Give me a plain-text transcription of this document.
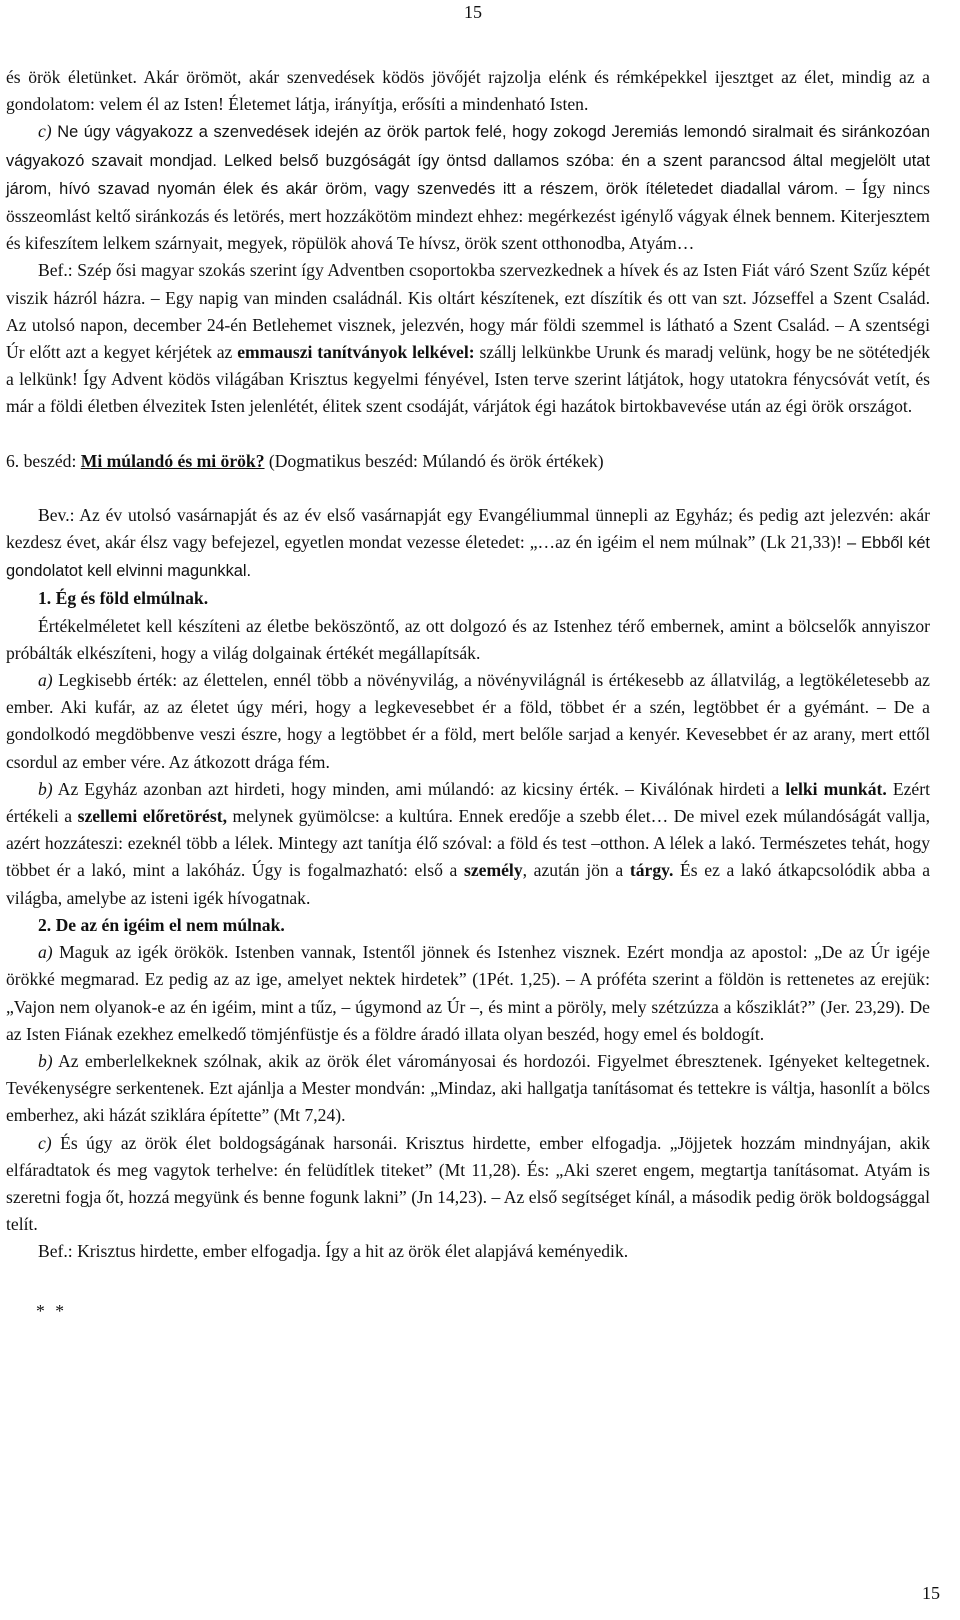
15

és örök életünket. Akár örömöt, akár szenvedések ködös jövőjét rajzolja elénk és rémképekkel ijesztget az élet, mindig az a gondolatom: velem él az Isten! Életemet látja, irányítja, erősíti a mindenható Isten.

c) Ne úgy vágyakozz a szenvedések idején az örök partok felé, hogy zokogd Jeremiás lemondó siralmait és siránkozóan vágyakozó szavait mondjad. Lelked belső buzgóságát így öntsd dallamos szóba: én a szent parancsod által megjelölt utat járom, hívó szavad nyomán élek és akár öröm, vagy szenvedés itt a részem, örök ítéletedet diadallal várom. – Így nincs összeomlást keltő siránkozás és letörés, mert hozzákötöm mindezt ehhez: megérkezést igénylő vágyak élnek bennem. Kiterjesztem és kifeszítem lelkem szárnyait, megyek, röpülök ahová Te hívsz, örök szent otthonodba, Atyám…

Bef.: Szép ősi magyar szokás szerint így Adventben csoportokba szervezkednek a hívek és az Isten Fiát váró Szent Szűz képét viszik házról házra. – Egy napig van minden családnál. Kis oltárt készítenek, ezt díszítik és ott van szt. Józseffel a Szent Család. Az utolsó napon, december 24-én Betlehemet visznek, jelezvén, hogy már földi szemmel is látható a Szent Család. – A szentségi Úr előtt azt a kegyet kérjétek az emmauszi tanítványok lelkével: szállj lelkünkbe Urunk és maradj velünk, hogy be ne sötétedjék a lelkünk! Így Advent ködös világában Krisztus kegyelmi fényével, Isten terve szerint látjátok, hogy utatokra fénycsóvát vetít, és már a földi életben élvezitek Isten jelenlétét, élitek szent csodáját, várjátok égi hazátok birtokbavevése után az égi örök országot.

6. beszéd: Mi múlandó és mi örök? (Dogmatikus beszéd: Múlandó és örök értékek)

Bev.: Az év utolsó vasárnapját és az év első vasárnapját egy Evangéliummal ünnepli az Egyház; és pedig azt jelezvén: akár kezdesz évet, akár élsz vagy befejezel, egyetlen mondat vezesse életedet: „…az én igéim el nem múlnak” (Lk 21,33)! – Ebből két gondolatot kell elvinni magunkkal.

1. Ég és föld elmúlnak.

Értékelméletet kell készíteni az életbe beköszöntő, az ott dolgozó és az Istenhez térő embernek, amint a bölcselők annyiszor próbálták elkészíteni, hogy a világ dolgainak értékét megállapítsák.

a) Legkisebb érték: az élettelen, ennél több a növényvilág, a növényvilágnál is értékesebb az állatvilág, a legtökéletesebb az ember. Aki kufár, az az életet úgy méri, hogy a legkevesebbet ér a föld, többet ér a szén, legtöbbet ér a gyémánt. – De a gondolkodó megdöbbenve veszi észre, hogy a legtöbbet ér a föld, mert belőle sarjad a kenyér. Kevesebbet ér az arany, mert ettől csordul az ember vére. Az átkozott drága fém.

b) Az Egyház azonban azt hirdeti, hogy minden, ami múlandó: az kicsiny érték. – Kiválónak hirdeti a lelki munkát. Ezért értékeli a szellemi előretörést, melynek gyümölcse: a kultúra. Ennek eredője a szebb élet… De mivel ezek múlandóságát vallja, azért hozzáteszi: ezeknél több a lélek. Mintegy azt tanítja élő szóval: a föld és test –otthon. A lélek a lakó. Természetes tehát, hogy többet ér a lakó, mint a lakóház. Úgy is fogalmazható: első a személy, azután jön a tárgy. És ez a lakó átkapcsolódik abba a világba, amelybe az isteni igék hívogatnak.

2. De az én igéim el nem múlnak.

a) Maguk az igék örökök. Istenben vannak, Istentől jönnek és Istenhez visznek. Ezért mondja az apostol: „De az Úr igéje örökké megmarad. Ez pedig az az ige, amelyet nektek hirdetek” (1Pét. 1,25). – A próféta szerint a földön is rettenetes az erejük: „Vajon nem olyanok-e az én igéim, mint a tűz, – úgymond az Úr –, és mint a pöröly, mely szétzúzza a kősziklát?” (Jer. 23,29). De az Isten Fiának ezekhez emelkedő tömjénfüstje és a földre áradó illata olyan beszéd, hogy emel és boldogít.

b) Az emberlelkeknek szólnak, akik az örök élet várományosai és hordozói. Figyelmet ébresztenek. Igényeket keltegetnek. Tevékenységre serkentenek. Ezt ajánlja a Mester mondván: „Mindaz, aki hallgatja tanításomat és tettekre is váltja, hasonlít a bölcs emberhez, aki házát sziklára építette” (Mt 7,24).

c) És úgy az örök élet boldogságának harsonái. Krisztus hirdette, ember elfogadja. „Jöjjetek hozzám mindnyájan, akik elfáradtatok és meg vagytok terhelve: én felüdítlek titeket” (Mt 11,28). És: „Aki szeret engem, megtartja tanításomat. Atyám is szeretni fogja őt, hozzá megyünk és benne fogunk lakni” (Jn 14,23). – Az első segítséget kínál, a második pedig örök boldogsággal telít.

Bef.: Krisztus hirdette, ember elfogadja. Így a hit az örök élet alapjává keményedik.

* *

15
